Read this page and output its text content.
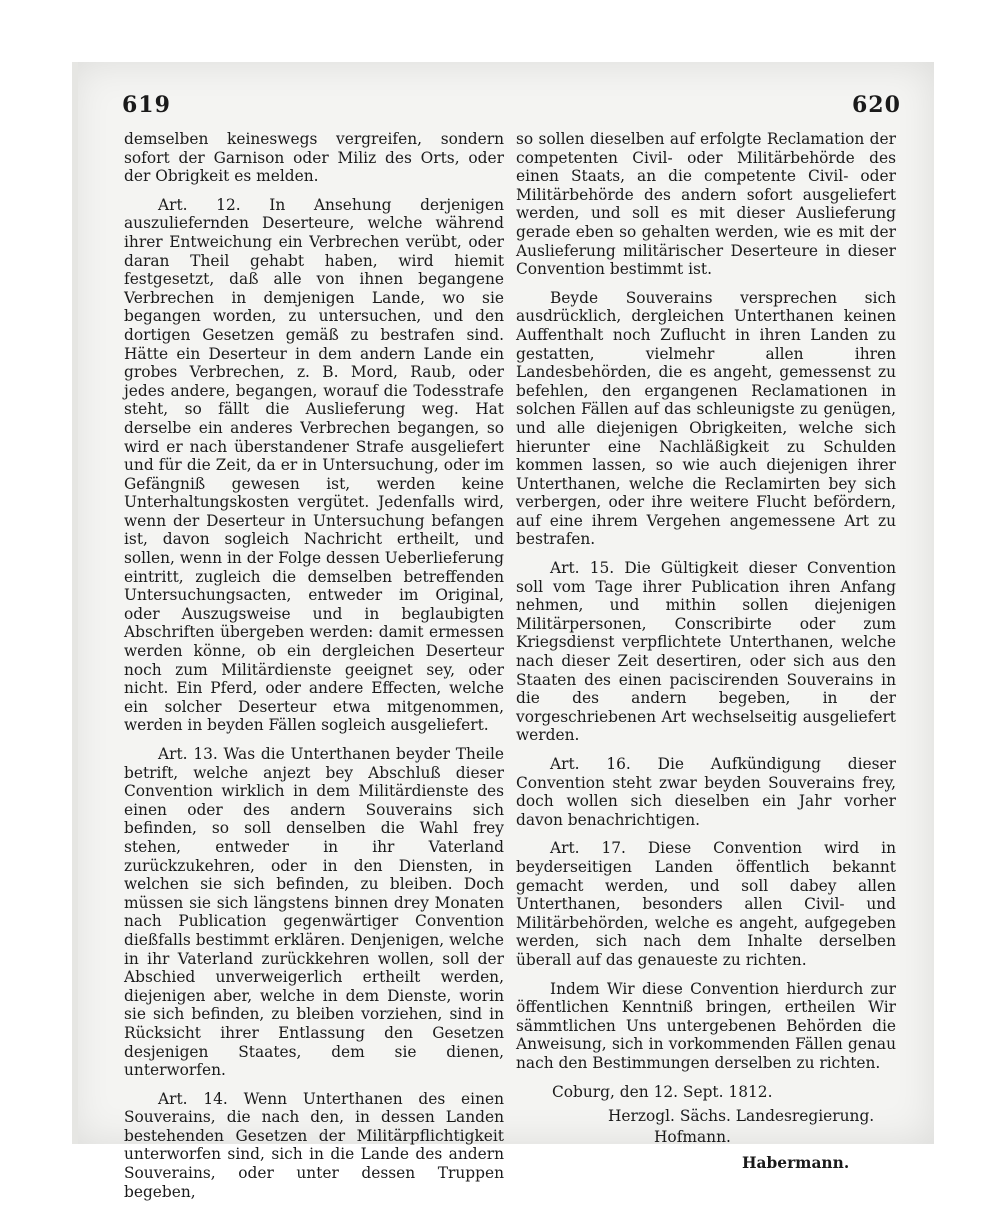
619	620

demselben keineswegs vergreifen, sondern sofort der Garnison oder Miliz des Orts, oder der Obrigkeit es melden.

Art. 12. In Ansehung derjenigen auszuliefernden Deserteure, welche während ihrer Entweichung ein Verbrechen verübt, oder daran Theil gehabt haben, wird hiemit festgesetzt, daß alle von ihnen begangene Verbrechen in demjenigen Lande, wo sie begangen worden, zu untersuchen, und den dortigen Gesetzen gemäß zu bestrafen sind. Hätte ein Deserteur in dem andern Lande ein grobes Verbrechen, z. B. Mord, Raub, oder jedes andere, begangen, worauf die Todesstrafe steht, so fällt die Auslieferung weg. Hat derselbe ein anderes Verbrechen begangen, so wird er nach überstandener Strafe ausgeliefert und für die Zeit, da er in Untersuchung, oder im Gefängniß gewesen ist, werden keine Unterhaltungskosten vergütet. Jedenfalls wird, wenn der Deserteur in Untersuchung befangen ist, davon sogleich Nachricht ertheilt, und sollen, wenn in der Folge dessen Ueberlieferung eintritt, zugleich die demselben betreffenden Untersuchungsacten, entweder im Original, oder Auszugsweise und in beglaubigten Abschriften übergeben werden: damit ermessen werden könne, ob ein dergleichen Deserteur noch zum Militärdienste geeignet sey, oder nicht. Ein Pferd, oder andere Effecten, welche ein solcher Deserteur etwa mitgenommen, werden in beyden Fällen sogleich ausgeliefert.

Art. 13. Was die Unterthanen beyder Theile betrift, welche anjezt bey Abschluß dieser Convention wirklich in dem Militärdienste des einen oder des andern Souverains sich befinden, so soll denselben die Wahl frey stehen, entweder in ihr Vaterland zurückzukehren, oder in den Diensten, in welchen sie sich befinden, zu bleiben. Doch müssen sie sich längstens binnen drey Monaten nach Publication gegenwärtiger Convention dießfalls bestimmt erklären. Denjenigen, welche in ihr Vaterland zurückkehren wollen, soll der Abschied unverweigerlich ertheilt werden, diejenigen aber, welche in dem Dienste, worin sie sich befinden, zu bleiben vorziehen, sind in Rücksicht ihrer Entlassung den Gesetzen desjenigen Staates, dem sie dienen, unterworfen.

Art. 14. Wenn Unterthanen des einen Souverains, die nach den, in dessen Landen bestehenden Gesetzen der Militärpflichtigkeit unterworfen sind, sich in die Lande des andern Souverains, oder unter dessen Truppen begeben,

so sollen dieselben auf erfolgte Reclamation der competenten Civil- oder Militärbehörde des einen Staats, an die competente Civil- oder Militärbehörde des andern sofort ausgeliefert werden, und soll es mit dieser Auslieferung gerade eben so gehalten werden, wie es mit der Auslieferung militärischer Deserteure in dieser Convention bestimmt ist.

Beyde Souverains versprechen sich ausdrücklich, dergleichen Unterthanen keinen Auffenthalt noch Zuflucht in ihren Landen zu gestatten, vielmehr allen ihren Landesbehörden, die es angeht, gemessenst zu befehlen, den ergangenen Reclamationen in solchen Fällen auf das schleunigste zu genügen, und alle diejenigen Obrigkeiten, welche sich hierunter eine Nachläßigkeit zu Schulden kommen lassen, so wie auch diejenigen ihrer Unterthanen, welche die Reclamirten bey sich verbergen, oder ihre weitere Flucht befördern, auf eine ihrem Vergehen angemessene Art zu bestrafen.

Art. 15. Die Gültigkeit dieser Convention soll vom Tage ihrer Publication ihren Anfang nehmen, und mithin sollen diejenigen Militärpersonen, Conscribirte oder zum Kriegsdienst verpflichtete Unterthanen, welche nach dieser Zeit desertiren, oder sich aus den Staaten des einen paciscirenden Souverains in die des andern begeben, in der vorgeschriebenen Art wechselseitig ausgeliefert werden.

Art. 16. Die Aufkündigung dieser Convention steht zwar beyden Souverains frey, doch wollen sich dieselben ein Jahr vorher davon benachrichtigen.

Art. 17. Diese Convention wird in beyderseitigen Landen öffentlich bekannt gemacht werden, und soll dabey allen Unterthanen, besonders allen Civil- und Militärbehörden, welche es angeht, aufgegeben werden, sich nach dem Inhalte derselben überall auf das genaueste zu richten.

Indem Wir diese Convention hierdurch zur öffentlichen Kenntniß bringen, ertheilen Wir sämmtlichen Uns untergebenen Behörden die Anweisung, sich in vorkommenden Fällen genau nach den Bestimmungen derselben zu richten.

Coburg, den 12. Sept. 1812.
Herzogl. Sächs. Landesregierung.
Hofmann.
Habermann.
